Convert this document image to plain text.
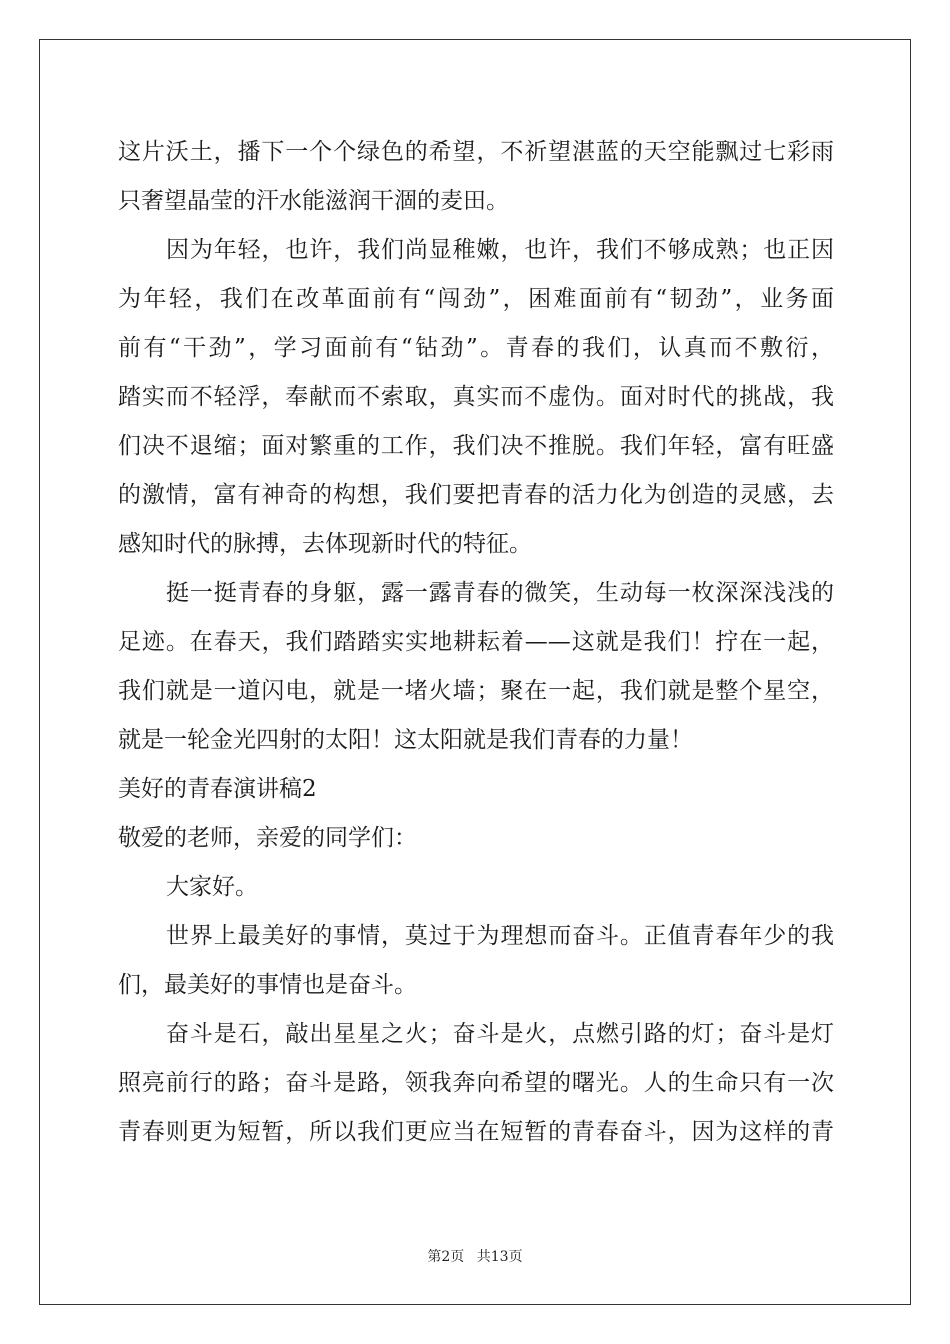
这片沃土，播下一个个绿色的希望，不祈望湛蓝的天空能飘过七彩雨
只奢望晶莹的汗水能滋润干涸的麦田。
因为年轻，也许，我们尚显稚嫩，也许，我们不够成熟；也正因
为年轻，我们在改革面前有“闯劲”，困难面前有“韧劲”，业务面
前有“干劲”，学习面前有“钻劲”。青春的我们，认真而不敷衍，
踏实而不轻浮，奉献而不索取，真实而不虚伪。面对时代的挑战，我
们决不退缩；面对繁重的工作，我们决不推脱。我们年轻，富有旺盛
的激情，富有神奇的构想，我们要把青春的活力化为创造的灵感，去
感知时代的脉搏，去体现新时代的特征。
挺一挺青春的身躯，露一露青春的微笑，生动每一枚深深浅浅的
足迹。在春天，我们踏踏实实地耕耘着——这就是我们！拧在一起，
我们就是一道闪电，就是一堵火墙；聚在一起，我们就是整个星空，
就是一轮金光四射的太阳！这太阳就是我们青春的力量！
美好的青春演讲稿2
敬爱的老师，亲爱的同学们：
大家好。
世界上最美好的事情，莫过于为理想而奋斗。正值青春年少的我
们，最美好的事情也是奋斗。
奋斗是石，敲出星星之火；奋斗是火，点燃引路的灯；奋斗是灯
照亮前行的路；奋斗是路，领我奔向希望的曙光。人的生命只有一次
青春则更为短暂，所以我们更应当在短暂的青春奋斗，因为这样的青
第2页 共13页
